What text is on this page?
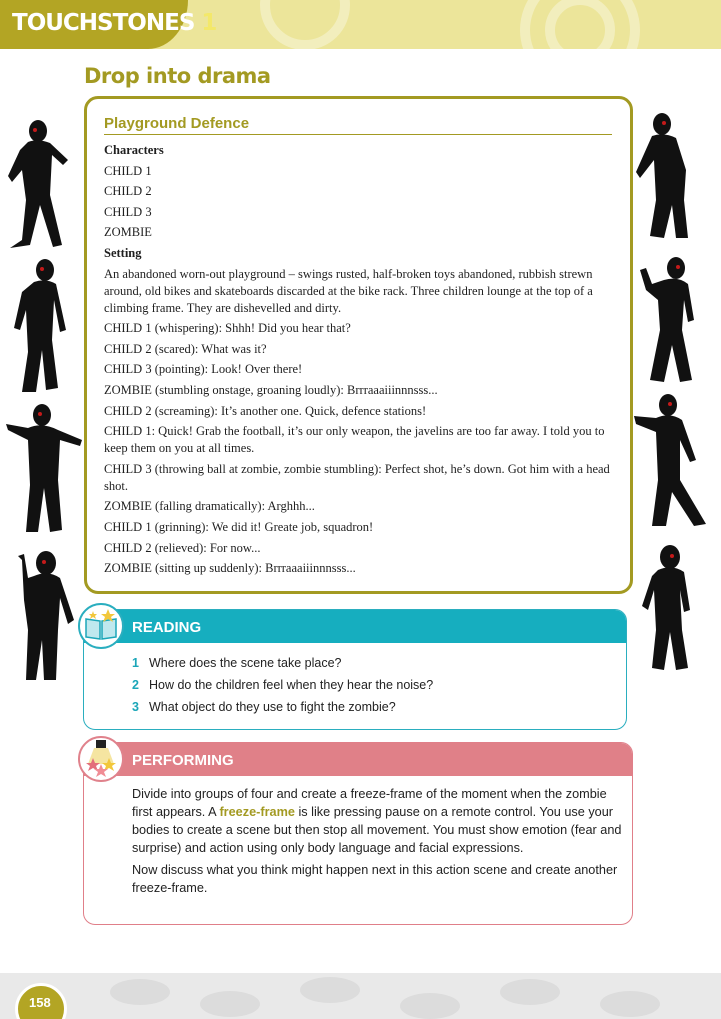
TOUCHSTONES 1
Drop into drama
Playground Defence
Characters
CHILD 1
CHILD 2
CHILD 3
ZOMBIE
Setting
An abandoned worn-out playground – swings rusted, half-broken toys abandoned, rubbish strewn around, old bikes and skateboards discarded at the bike rack. Three children lounge at the top of a climbing frame. They are dishevelled and dirty.
CHILD 1 (whispering): Shhh! Did you hear that?
CHILD 2 (scared): What was it?
CHILD 3 (pointing): Look! Over there!
ZOMBIE (stumbling onstage, groaning loudly): Brrraaaiiinnnsss...
CHILD 2 (screaming): It’s another one. Quick, defence stations!
CHILD 1: Quick! Grab the football, it’s our only weapon, the javelins are too far away. I told you to keep them on you at all times.
CHILD 3 (throwing ball at zombie, zombie stumbling): Perfect shot, he’s down. Got him with a head shot.
ZOMBIE (falling dramatically): Arghhh...
CHILD 1 (grinning): We did it! Greate job, squadron!
CHILD 2 (relieved): For now...
ZOMBIE (sitting up suddenly): Brrraaaiiinnnsss...
READING
1 Where does the scene take place?
2 How do the children feel when they hear the noise?
3 What object do they use to fight the zombie?
PERFORMING

Divide into groups of four and create a freeze-frame of the moment when the zombie first appears. A freeze-frame is like pressing pause on a remote control. You use your bodies to create a scene but then stop all movement. You must show emotion (fear and surprise) and action using only body language and facial expressions.

Now discuss what you think might happen next in this action scene and create another freeze-frame.

158
